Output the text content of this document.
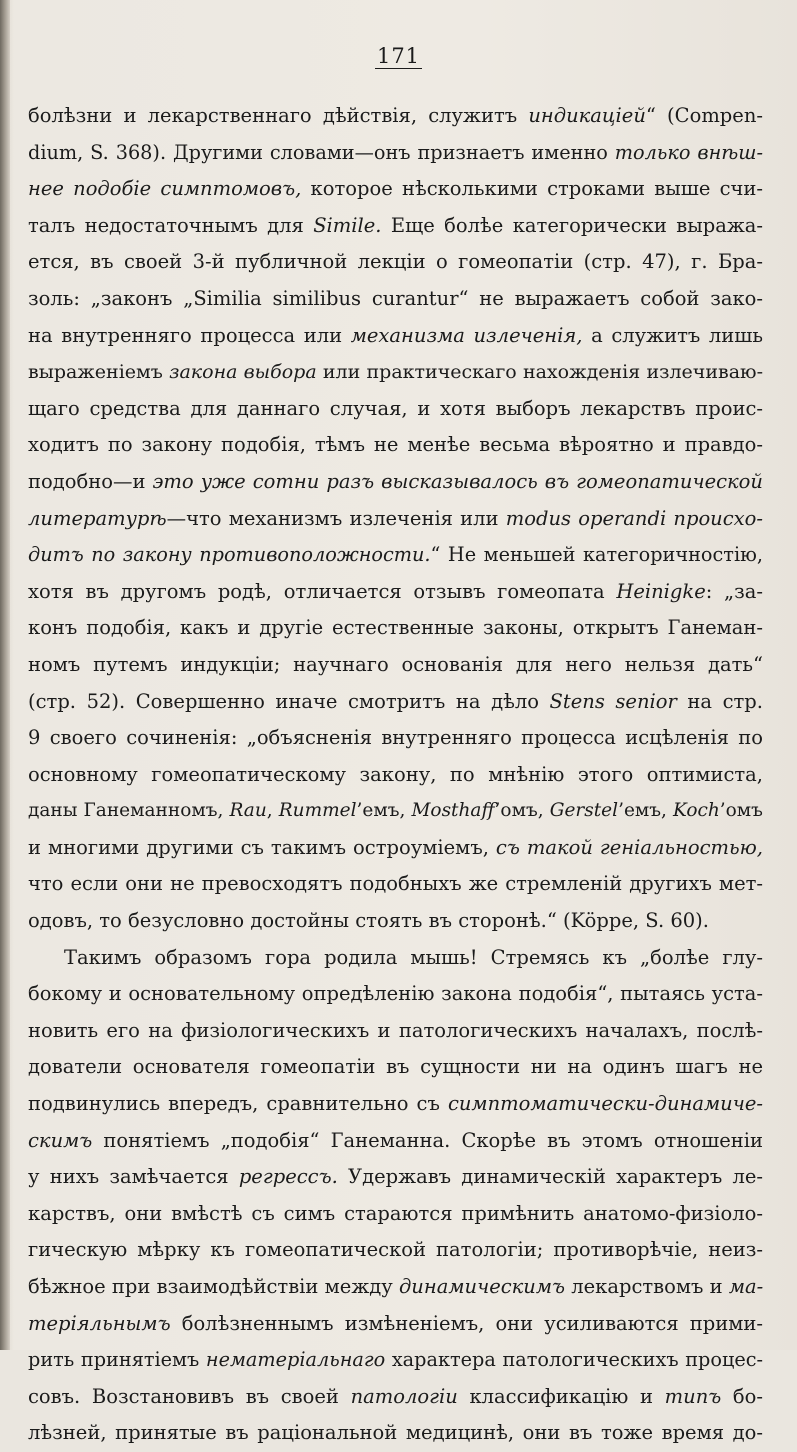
171
болѣзни и лекарственнаго дѣйствія, служитъ индикаціей“ (Compen-
dium, S. 368). Другими словами—онъ признаетъ именно только внѣш-
нее подобіе симптомовъ, которое нѣсколькими строками выше счи-
талъ недостаточнымъ для Simile. Еще болѣе категорически выража-
ется, въ своей 3-й публичной лекціи о гомеопатіи (стр. 47), г. Бра-
золь: „законъ „Similia similibus curantur“ не выражаетъ собой зако-
на внутренняго процесса или механизма излеченія, а служитъ лишь
выраженіемъ закона выбора или практическаго нахожденія излечиваю-
щаго средства для даннаго случая, и хотя выборъ лекарствъ проис-
ходитъ по закону подобія, тѣмъ не менѣе весьма вѣроятно и правдо-
подобно—и это уже сотни разъ высказывалось въ гомеопатической
литературѣ—что механизмъ излеченія или modus operandi происхо-
дитъ по закону противоположности.“ Не меньшей категоричностію,
хотя въ другомъ родѣ, отличается отзывъ гомеопата Heinigke: „за-
конъ подобія, какъ и другіе естественные законы, открытъ Ганеман-
номъ путемъ индукціи; научнаго основанія для него нельзя дать“
(стр. 52). Совершенно иначе смотритъ на дѣло Stens senior на стр.
9 своего сочиненія: „объясненія внутренняго процесса исцѣленія по
основному гомеопатическому закону, по мнѣнію этого оптимиста,
даны Ганеманномъ, Rau, Rummel’емъ, Mosthaff’омъ, Gerstel’емъ, Koch’омъ
и многими другими съ такимъ остроуміемъ, съ такой геніальностью,
что если они не превосходятъ подобныхъ же стремленій другихъ мет-
одовъ, то безусловно достойны стоять въ сторонѣ.“ (Köppe, S. 60).
Такимъ образомъ гора родила мышь! Стремясь къ „болѣе глу-
бокому и основательному опредѣленію закона подобія“, пытаясь уста-
новить его на физіологическихъ и патологическихъ началахъ, послѣ-
дователи основателя гомеопатіи въ сущности ни на одинъ шагъ не
подвинулись впередъ, сравнительно съ симптоматически-динамиче-
скимъ понятіемъ „подобія“ Ганеманна. Скорѣе въ этомъ отношеніи
у нихъ замѣчается регрессъ. Удержавъ динамическій характеръ ле-
карствъ, они вмѣстѣ съ симъ стараются примѣнить анатомо-физіоло-
гическую мѣрку къ гомеопатической патологіи; противорѣчіе, неиз-
бѣжное при взаимодѣйствіи между динамическимъ лекарствомъ и ма-
теріяльнымъ болѣзненнымъ измѣненіемъ, они усиливаются прими-
рить принятіемъ нематеріальнаго характера патологическихъ процес-
совъ. Возстановивъ въ своей патологіи классификацію и типъ бо-
лѣзней, принятые въ раціональной медицинѣ, они въ тоже время до-
